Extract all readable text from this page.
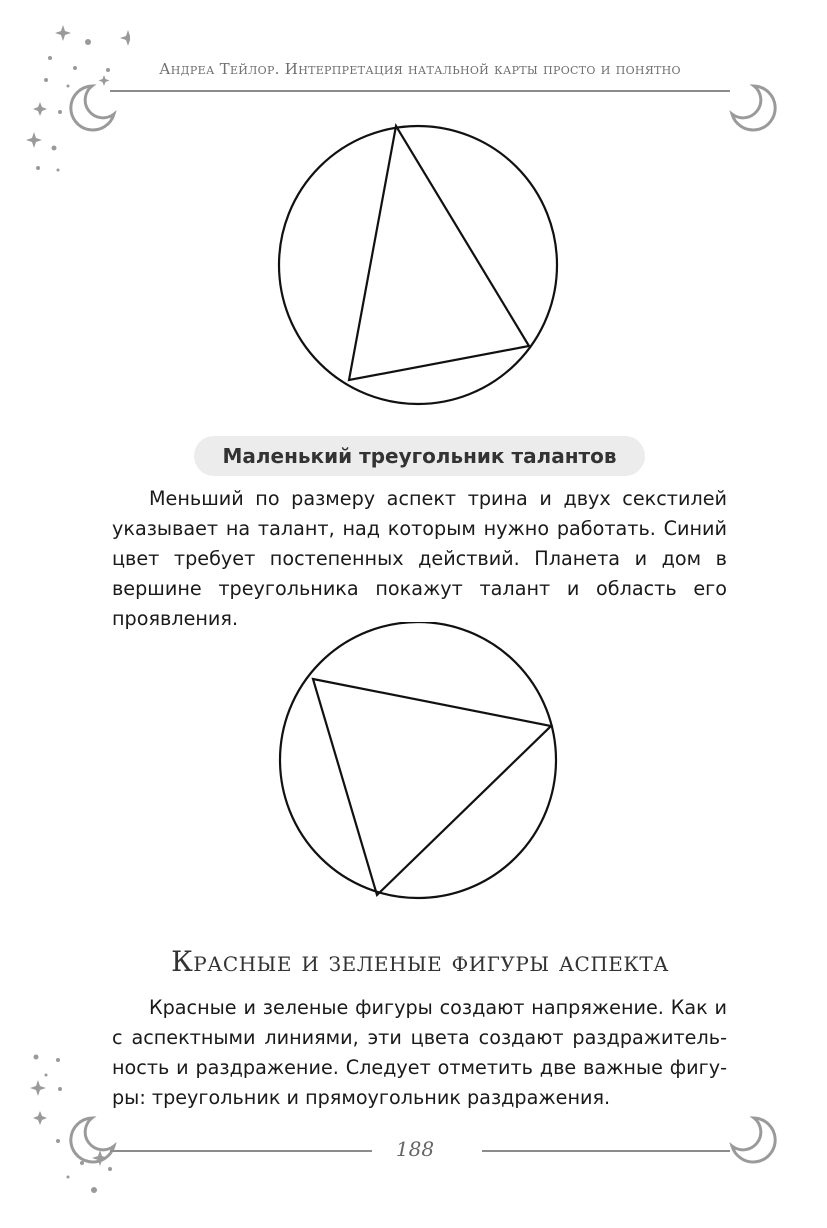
Андреа Тейлор. Интерпретация натальной карты просто и понятно
Маленький треугольник талантов

Меньший по размеру аспект трина и двух секстилей указывает на талант, над которым нужно работать. Синий цвет требует постепенных действий. Планета и дом в вершине треугольника покажут талант и область его проявления.

Красные и зеленые фигуры аспекта

Красные и зеленые фигуры создают напряжение. Как и с аспектными линиями, эти цвета создают раздражительность и раздражение. Следует отметить две важные фигуры: треугольник и прямоугольник раздражения.

188
